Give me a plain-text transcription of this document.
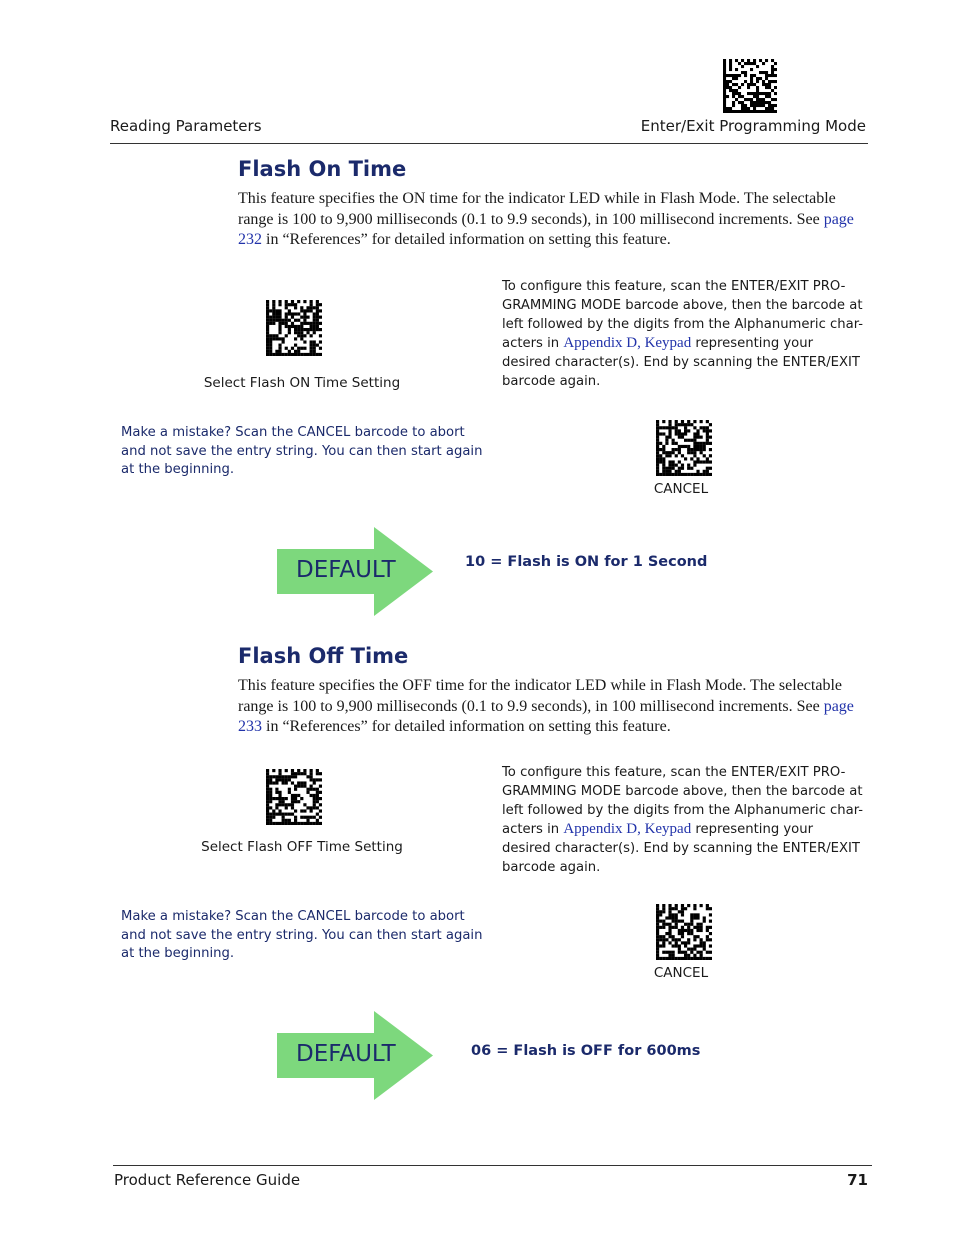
Reading Parameters	Enter/Exit Programming Mode
Flash On Time
This feature specifies the ON time for the indicator LED while in Flash Mode. The selectable range is 100 to 9,900 milliseconds (0.1 to 9.9 seconds), in 100 millisecond increments. See page 232 in “References” for detailed information on setting this feature.
Select Flash ON Time Setting
To configure this feature, scan the ENTER/EXIT PRO-GRAMMING MODE barcode above, then the barcode at left followed by the digits from the Alphanumeric char-acters in Appendix D, Keypad representing your desired character(s). End by scanning the ENTER/EXIT barcode again.
Make a mistake? Scan the CANCEL barcode to abort and not save the entry string. You can then start again at the beginning.
CANCEL
DEFAULT	10 = Flash is ON for 1 Second
Flash Off Time
This feature specifies the OFF time for the indicator LED while in Flash Mode. The selectable range is 100 to 9,900 milliseconds (0.1 to 9.9 seconds), in 100 millisecond increments. See page 233 in “References” for detailed information on setting this feature.
Select Flash OFF Time Setting
To configure this feature, scan the ENTER/EXIT PRO-GRAMMING MODE barcode above, then the barcode at left followed by the digits from the Alphanumeric char-acters in Appendix D, Keypad representing your desired character(s). End by scanning the ENTER/EXIT barcode again.
Make a mistake? Scan the CANCEL barcode to abort and not save the entry string. You can then start again at the beginning.
CANCEL
DEFAULT	06 = Flash is OFF for 600ms
Product Reference Guide	71
